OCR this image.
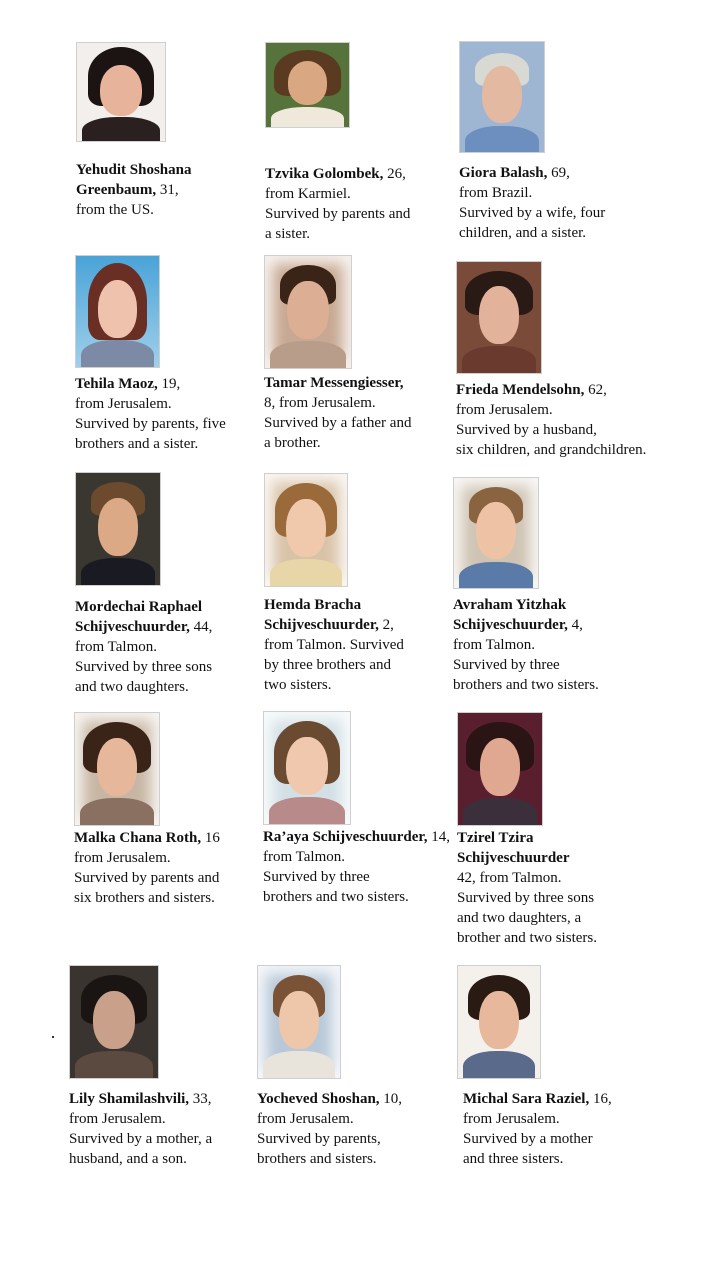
Yehudit Shoshana Greenbaum, 31,
from the US.
Tzvika Golombek, 26,
from Karmiel.
Survived by parents and
a sister.
Giora Balash, 69,
from Brazil.
Survived by a wife, four
children, and a sister.
Tehila Maoz, 19,
from Jerusalem.
Survived by parents, five
brothers and a sister.
Tamar Messengiesser,
8, from Jerusalem.
Survived by a father and
a brother.
Frieda Mendelsohn, 62,
from Jerusalem.
Survived by a husband,
six children, and grandchildren.
Mordechai Raphael Schijveschuurder, 44,
from Talmon.
Survived by three sons
and two daughters.
Hemda Bracha Schijveschuurder, 2,
from Talmon. Survived
by three brothers and
two sisters.
Avraham Yitzhak Schijveschuurder, 4,
from Talmon.
Survived by three
brothers and two sisters.
Malka Chana Roth, 16
from Jerusalem.
Survived by parents and
six brothers and sisters.
Ra’aya Schijveschuurder, 14,
from Talmon.
Survived by three
brothers and two sisters.
Tzirel Tzira Schijveschuurder
42, from Talmon.
Survived by three sons
and two daughters, a
brother and two sisters.
Lily Shamilashvili, 33,
from Jerusalem.
Survived by a mother, a
husband, and a son.
Yocheved Shoshan, 10,
from Jerusalem.
Survived by parents,
brothers and sisters.
Michal Sara Raziel, 16,
from Jerusalem.
Survived by a mother
and three sisters.
